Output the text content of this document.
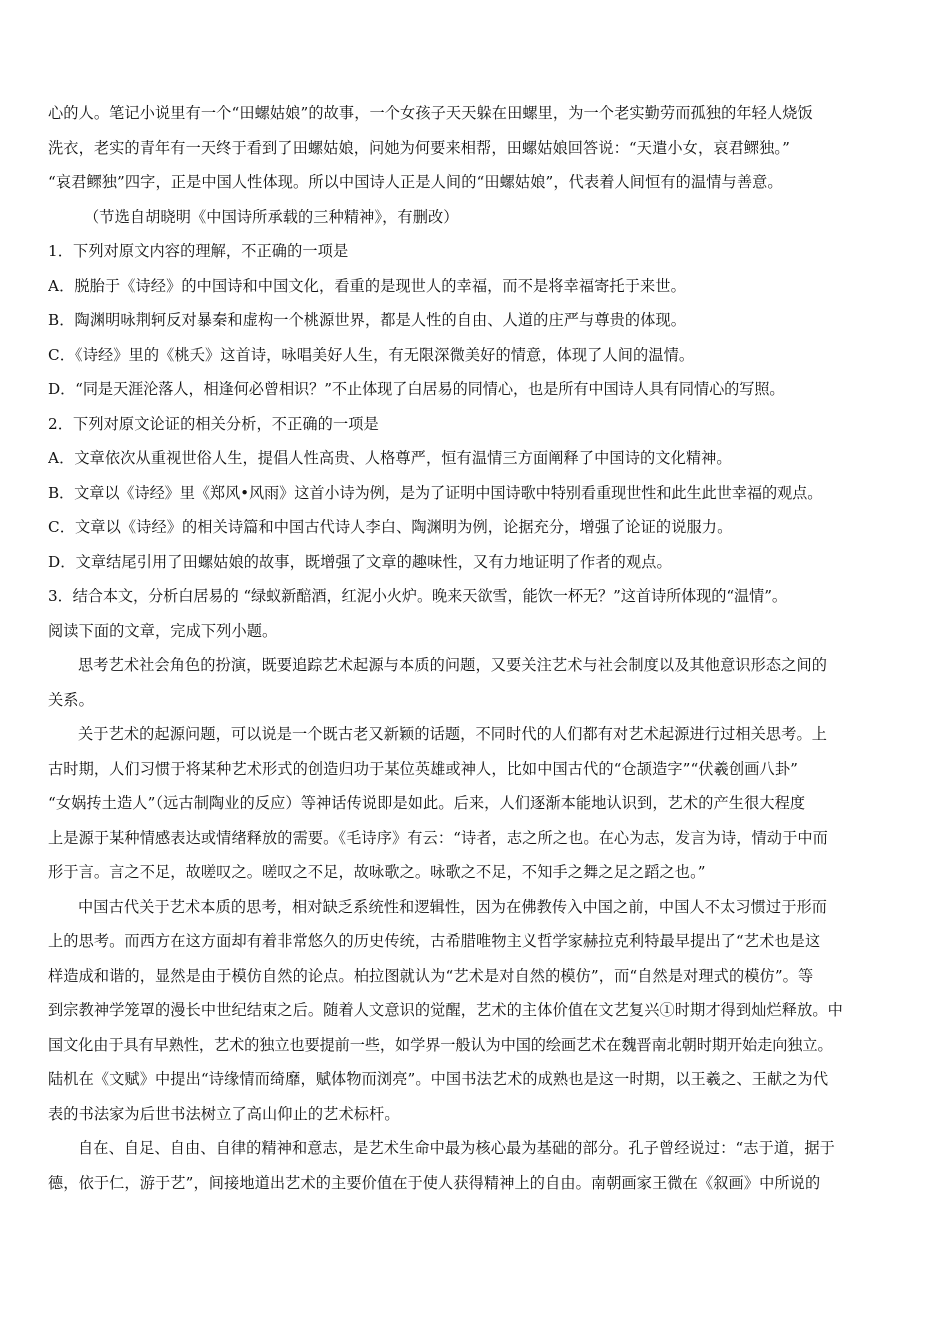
心的人。笔记小说里有一个“田螺姑娘”的故事，一个女孩子天天躲在田螺里，为一个老实勤劳而孤独的年轻人烧饭
洗衣，老实的青年有一天终于看到了田螺姑娘，问她为何要来相帮，田螺姑娘回答说：“天遣小女，哀君鳏独。”
“哀君鳏独”四字，正是中国人性体现。所以中国诗人正是人间的“田螺姑娘”，代表着人间恒有的温情与善意。
（节选自胡晓明《中国诗所承载的三种精神》，有删改）
1．下列对原文内容的理解，不正确的一项是
A．脱胎于《诗经》的中国诗和中国文化，看重的是现世人的幸福，而不是将幸福寄托于来世。
B．陶渊明咏荆轲反对暴秦和虚构一个桃源世界，都是人性的自由、人道的庄严与尊贵的体现。
C．《诗经》里的《桃夭》这首诗，咏唱美好人生，有无限深微美好的情意，体现了人间的温情。
D．“同是天涯沦落人，相逢何必曾相识？”不止体现了白居易的同情心，也是所有中国诗人具有同情心的写照。
2．下列对原文论证的相关分析，不正确的一项是
A．文章依次从重视世俗人生，提倡人性高贵、人格尊严，恒有温情三方面阐释了中国诗的文化精神。
B．文章以《诗经》里《郑风•风雨》这首小诗为例，是为了证明中国诗歌中特别看重现世性和此生此世幸福的观点。
C．文章以《诗经》的相关诗篇和中国古代诗人李白、陶渊明为例，论据充分，增强了论证的说服力。
D．文章结尾引用了田螺姑娘的故事，既增强了文章的趣味性，又有力地证明了作者的观点。
3．结合本文，分析白居易的 “绿蚁新醅酒，红泥小火炉。晚来天欲雪，能饮一杯无？”这首诗所体现的“温情”。
阅读下面的文章，完成下列小题。
思考艺术社会角色的扮演，既要追踪艺术起源与本质的问题，又要关注艺术与社会制度以及其他意识形态之间的
关系。
关于艺术的起源问题，可以说是一个既古老又新颖的话题，不同时代的人们都有对艺术起源进行过相关思考。上
古时期，人们习惯于将某种艺术形式的创造归功于某位英雄或神人，比如中国古代的“仓颉造字”“伏羲创画八卦”
“女娲抟土造人”（远古制陶业的反应）等神话传说即是如此。后来，人们逐渐本能地认识到，艺术的产生很大程度
上是源于某种情感表达或情绪释放的需要。《毛诗序》有云：“诗者，志之所之也。在心为志，发言为诗，情动于中而
形于言。言之不足，故嗟叹之。嗟叹之不足，故咏歌之。咏歌之不足，不知手之舞之足之蹈之也。”
中国古代关于艺术本质的思考，相对缺乏系统性和逻辑性，因为在佛教传入中国之前，中国人不太习惯过于形而
上的思考。而西方在这方面却有着非常悠久的历史传统，古希腊唯物主义哲学家赫拉克利特最早提出了“艺术也是这
样造成和谐的，显然是由于模仿自然的论点。柏拉图就认为“艺术是对自然的模仿”，而“自然是对理式的模仿”。等
到宗教神学笼罩的漫长中世纪结束之后。随着人文意识的觉醒，艺术的主体价值在文艺复兴①时期才得到灿烂释放。中
国文化由于具有早熟性，艺术的独立也要提前一些，如学界一般认为中国的绘画艺术在魏晋南北朝时期开始走向独立。
陆机在《文赋》中提出“诗缘情而绮靡，赋体物而浏亮”。中国书法艺术的成熟也是这一时期，以王羲之、王献之为代
表的书法家为后世书法树立了高山仰止的艺术标杆。
自在、自足、自由、自律的精神和意志，是艺术生命中最为核心最为基础的部分。孔子曾经说过：“志于道，据于
德，依于仁，游于艺”，间接地道出艺术的主要价值在于使人获得精神上的自由。南朝画家王微在《叙画》中所说的
